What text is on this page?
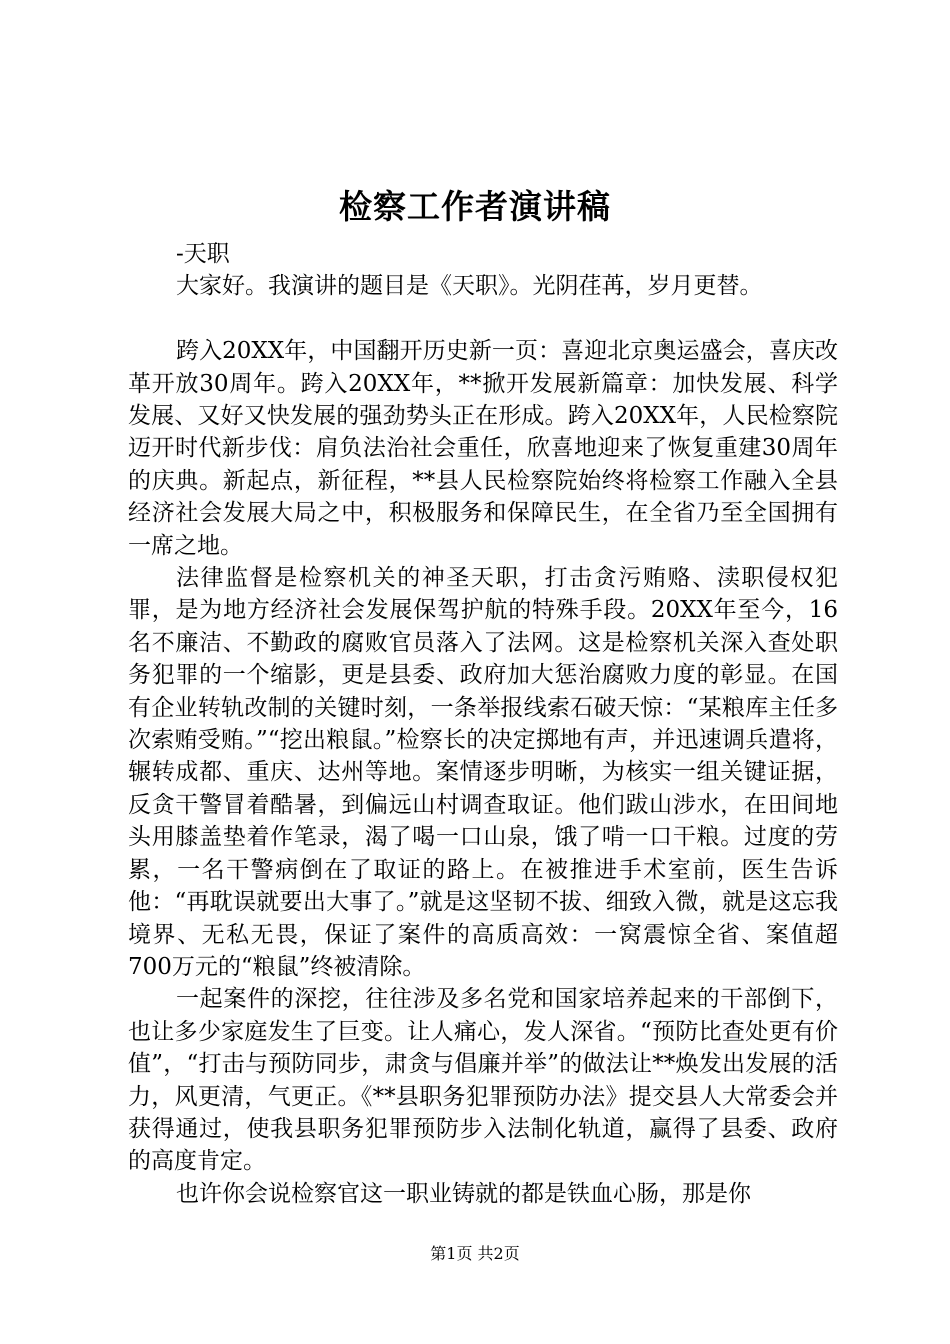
检察工作者演讲稿
-天职

大家好。我演讲的题目是《天职》。光阴荏苒，岁月更替。

跨入20XX年，中国翻开历史新一页：喜迎北京奥运盛会，喜庆改革开放30周年。跨入20XX年，**掀开发展新篇章：加快发展、科学发展、又好又快发展的强劲势头正在形成。跨入20XX年，人民检察院迈开时代新步伐：肩负法治社会重任，欣喜地迎来了恢复重建30周年的庆典。新起点，新征程，**县人民检察院始终将检察工作融入全县经济社会发展大局之中，积极服务和保障民生，在全省乃至全国拥有一席之地。

法律监督是检察机关的神圣天职，打击贪污贿赂、渎职侵权犯罪，是为地方经济社会发展保驾护航的特殊手段。20XX年至今，16名不廉洁、不勤政的腐败官员落入了法网。这是检察机关深入查处职务犯罪的一个缩影，更是县委、政府加大惩治腐败力度的彰显。在国有企业转轨改制的关键时刻，一条举报线索石破天惊：“某粮库主任多次索贿受贿。”“挖出粮鼠。”检察长的决定掷地有声，并迅速调兵遣将，辗转成都、重庆、达州等地。案情逐步明晰，为核实一组关键证据，反贪干警冒着酷暑，到偏远山村调查取证。他们跋山涉水，在田间地头用膝盖垫着作笔录，渴了喝一口山泉，饿了啃一口干粮。过度的劳累，一名干警病倒在了取证的路上。在被推进手术室前，医生告诉他：“再耽误就要出大事了。”就是这坚韧不拔、细致入微，就是这忘我境界、无私无畏，保证了案件的高质高效：一窝震惊全省、案值超700万元的“粮鼠”终被清除。

一起案件的深挖，往往涉及多名党和国家培养起来的干部倒下，也让多少家庭发生了巨变。让人痛心，发人深省。“预防比查处更有价值”，“打击与预防同步，肃贪与倡廉并举”的做法让**焕发出发展的活力，风更清，气更正。《**县职务犯罪预防办法》提交县人大常委会并获得通过，使我县职务犯罪预防步入法制化轨道，赢得了县委、政府的高度肯定。

也许你会说检察官这一职业铸就的都是铁血心肠，那是你

第1页 共2页
